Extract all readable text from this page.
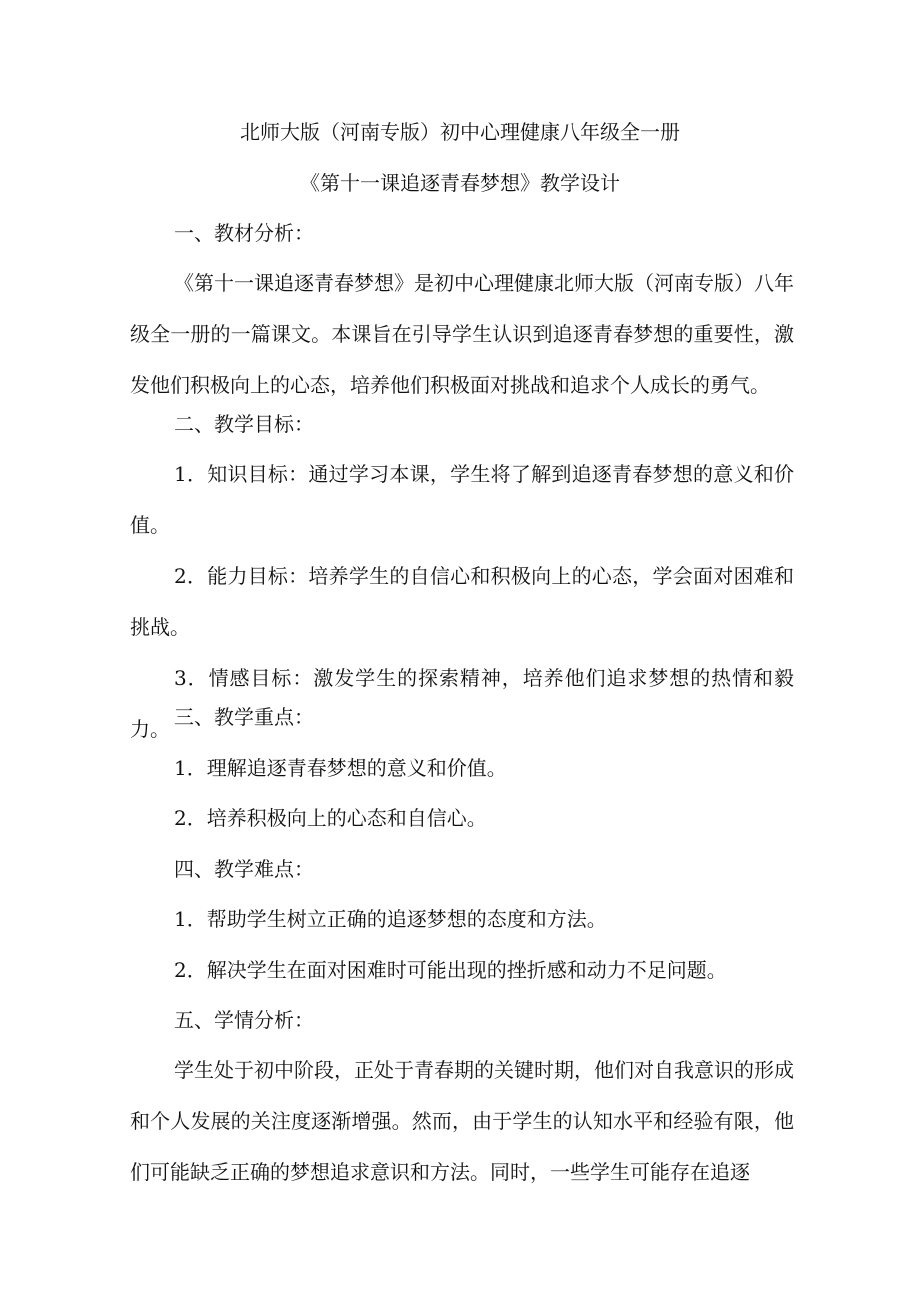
北师大版（河南专版）初中心理健康八年级全一册
《第十一课追逐青春梦想》教学设计
一、教材分析：

《第十一课追逐青春梦想》是初中心理健康北师大版（河南专版）八年级全一册的一篇课文。本课旨在引导学生认识到追逐青春梦想的重要性，激发他们积极向上的心态，培养他们积极面对挑战和追求个人成长的勇气。

二、教学目标：

1．知识目标：通过学习本课，学生将了解到追逐青春梦想的意义和价值。

2．能力目标：培养学生的自信心和积极向上的心态，学会面对困难和挑战。

3．情感目标：激发学生的探索精神，培养他们追求梦想的热情和毅力。 三、教学重点：
1．理解追逐青春梦想的意义和价值。
2．培养积极向上的心态和自信心。
四、教学难点：
1．帮助学生树立正确的追逐梦想的态度和方法。
2．解决学生在面对困难时可能出现的挫折感和动力不足问题。
五、学情分析：

学生处于初中阶段，正处于青春期的关键时期，他们对自我意识的形成和个人发展的关注度逐渐增强。然而，由于学生的认知水平和经验有限，他们可能缺乏正确的梦想追求意识和方法。同时，一些学生可能存在追逐
